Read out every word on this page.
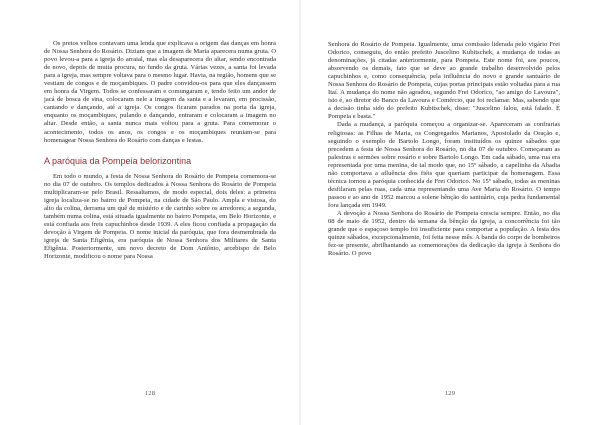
Os pretos velhos contavam uma lenda que explicava a origem das danças em honra de Nossa Senhora do Rosário. Diziam que a imagem de Maria aparecera numa gruta. O povo levou-a para a igreja do arraial, mas ela desaparecera do altar, sendo encontrada de novo, depois de muita procura, no fundo da gruta. Várias vezes, a santa foi levada para a igreja, mas sempre voltava para o mesmo lugar. Havia, na região, homens que se vestiam de congos e de moçambiques. O padre convidou-os para que eles dançassem em honra da Virgem. Todos se confessaram e comungaram e, tendo feito um andor de jacá de bosca de sina, colocaram nele a imagem da santa e a levaram, em procissão, cantando e dançando, até a igreja. Os congos ficaram parados na porta da igreja, enquanto os moçambiques, pulando e dançando, entraram e colocaram a imagem no altar. Desde então, a santa nunca mais voltou para a gruta. Para comemorar o acontecimento, todos os anos, os congos e os moçambiques reuniam-se para homenagear Nossa Senhora do Rosário com danças e festas.

A paróquia da Pompeia belorizontina

Em todo o mundo, a festa de Nossa Senhora do Rosário de Pompeia comemora-se no dia 07 de outubro. Os templos dedicados à Nossa Senhora do Rosário de Pompeia multiplicaram-se pelo Brasil. Ressaltamos, de modo especial, dois deles: a primeira igreja localiza-se no bairro de Pompeia, na cidade de São Paulo. Ampla e vistosa, do alto da colina, derrama um quê de místério e de carinho sobre os arredores; a segunda, também numa colina, está situada igualmente no bairro Pompeia, em Belo Horizonte, e está confiada aos freis capuchinhos desde 1939. A eles ficou confiada a propagação da devoção à Virgem de Pompeia. O nome inicial da paróquia, que fora desmembrada da igreja de Santa Efigênia, era paróquia de Nossa Senhora dos Militares de Santa Efigênia. Posteriormente, um novo decreto de Dom Antônio, arcebispo de Belo Horizonte, modificou o nome para Nossa

128

Senhora do Rosário de Pompeia. Igualmente, uma comissão liderada pelo vigário Frei Odorico, conseguiu, do então prefeito Juscelino Kubitschek, a mudança de todas as denominações, já citadas anteriormente, para Pompeia. Este nome foi, aos poucos, absorvendo os demais, fato que se deve ao grande trabalho desenvolvido pelos capuchinhos e, como consequência, pela influência do novo e grande santuário de Nossa Senhora do Rosário de Pompeia, cujas portas principais estão voltadas para a rua Itaí. A mudança do nome não agradou, segundo Frei Odorico, "ao amigo do Lavoura", isto é, ao diretor do Banco da Lavoura e Comércio, que foi reclamar. Mas, sabendo que a decisão tinha sido do prefeito Kubitschek, disse: "Juscelino falou, está falado. É Pompeia e basta."

Dada a mudança, a paróquia começou a organizar-se. Apareceram as confrarias religiosas: as Filhas de Maria, os Congregados Marianos, Apostolado da Oração e, seguindo o exemplo de Bartolo Longo, foram instituídos os quinze sábados que precedem a festa de Nossa Senhora do Rosário, no dia 07 de outubro. Começaram as palestras e sermões sobre rosário e sobre Bartolo Longo. Em cada sábado, uma rua era representada por uma menina, de tal modo que, no 15º sábado, a capelinha da Abadia não comportava a afluência dos fiéis que queriam participar da homenagem. Essa técnica tornou a paróquia conhecida de Frei Odorico. No 15º sábado, todas as meninas desfilaram pelas ruas, cada uma representando uma Ave Maria do Rosário. O tempo passou e ao ano de 1952 marcou a solene bênção do santuário, cuja pedra fundamental fora lançada em 1949.

A devoção a Nossa Senhora do Rosário de Pompeia crescia sempre. Então, no dia 08 de maio de 1952, dentro da semana da bênção da igreja, a concorrência foi tão grande que o espaçoso templo foi insuficiente para comportar a população. A festa dos quinze sábados, excepcionalmente, foi feita nesse mês. A banda do corpo de bombeiros fez-se presente, abrilhantando as comemorações da dedicação da igreja à Senhora do Rosário. O povo

129
